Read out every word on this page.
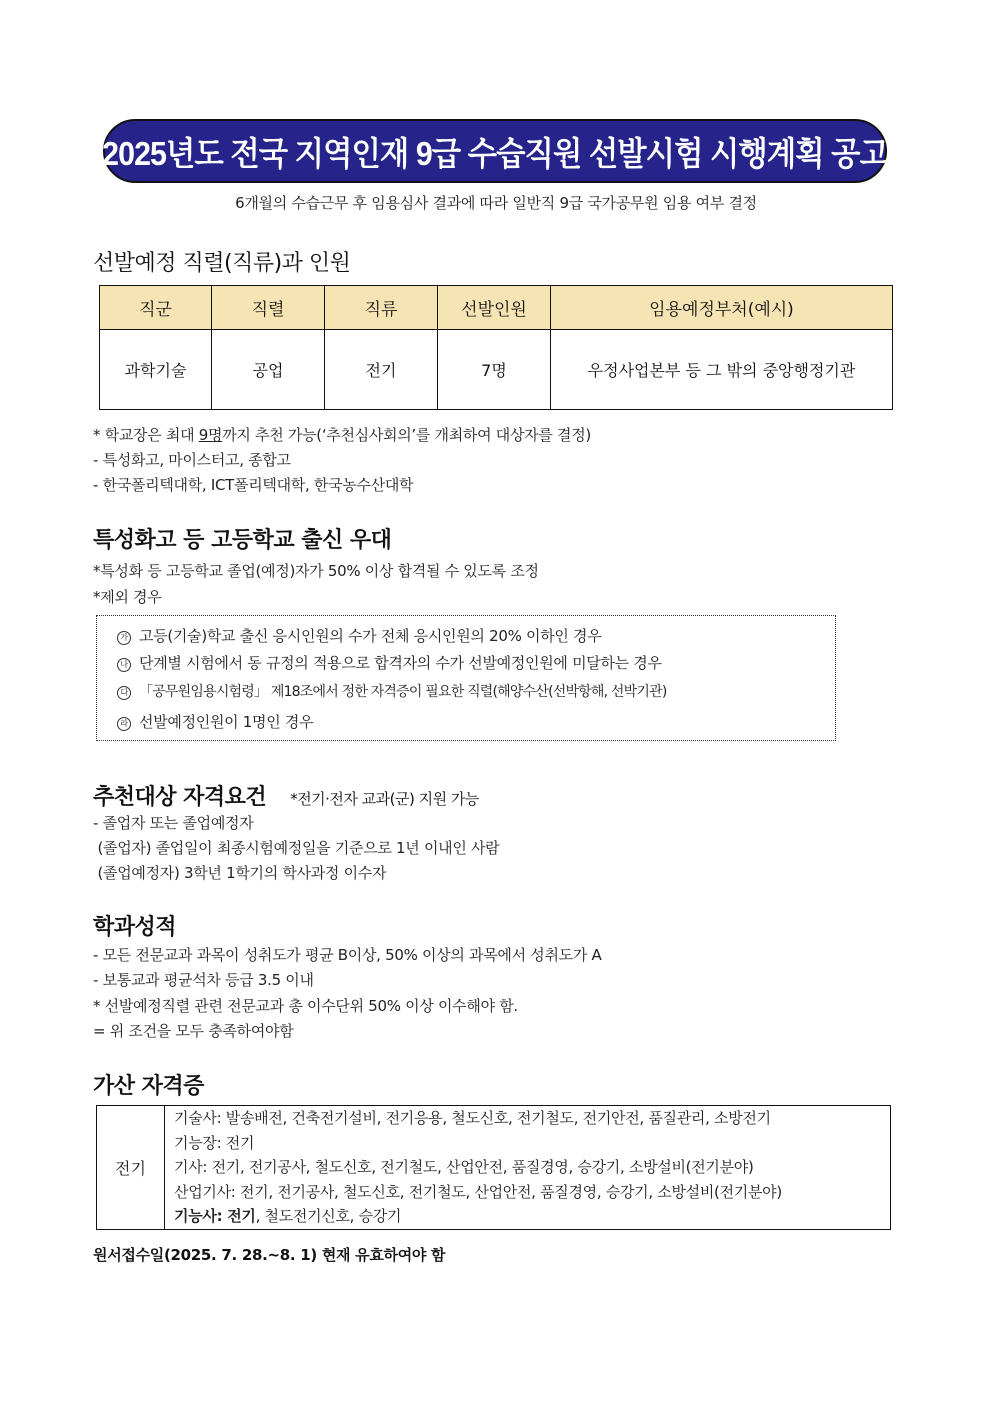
2025년도 전국 지역인재 9급 수습직원 선발시험 시행계획 공고
6개월의 수습근무 후 임용심사 결과에 따라 일반직 9급 국가공무원 임용 여부 결정
선발예정 직렬(직류)과 인원
직군	직렬	직류	선발인원	임용예정부처(예시)
과학기술	공업	전기	7명	우정사업본부 등 그 밖의 중앙행정기관
* 학교장은 최대 9명까지 추천 가능(‘추천심사회의’를 개최하여 대상자를 결정)
- 특성화고, 마이스터고, 종합고
- 한국폴리텍대학, ICT폴리텍대학, 한국농수산대학
특성화고 등 고등학교 출신 우대
*특성화 등 고등학교 졸업(예정)자가 50% 이상 합격될 수 있도록 조정
*제외 경우
가 고등(기술)학교 출신 응시인원의 수가 전체 응시인원의 20% 이하인 경우
나 단계별 시험에서 동 규정의 적용으로 합격자의 수가 선발예정인원에 미달하는 경우
다 「공무원임용시험령」 제18조에서 정한 자격증이 필요한 직렬(해양수산(선박항해, 선박기관)
라 선발예정인원이 1명인 경우
추천대상 자격요건 *전기·전자 교과(군) 지원 가능
- 졸업자 또는 졸업예정자
(졸업자) 졸업일이 최종시험예정일을 기준으로 1년 이내인 사람
(졸업예정자) 3학년 1학기의 학사과정 이수자
학과성적
- 모든 전문교과 과목이 성취도가 평균 B이상, 50% 이상의 과목에서 성취도가 A
- 보통교과 평균석차 등급 3.5 이내
* 선발예정직렬 관련 전문교과 총 이수단위 50% 이상 이수해야 함.
= 위 조건을 모두 충족하여야함
가산 자격증
전기	
기술사: 발송배전, 건축전기설비, 전기응용, 철도신호, 전기철도, 전기안전, 품질관리, 소방전기
기능장: 전기
기사: 전기, 전기공사, 철도신호, 전기철도, 산업안전, 품질경영, 승강기, 소방설비(전기분야)
산업기사: 전기, 전기공사, 철도신호, 전기철도, 산업안전, 품질경영, 승강기, 소방설비(전기분야)
기능사: 전기, 철도전기신호, 승강기
원서접수일(2025. 7. 28.~8. 1) 현재 유효하여야 함
